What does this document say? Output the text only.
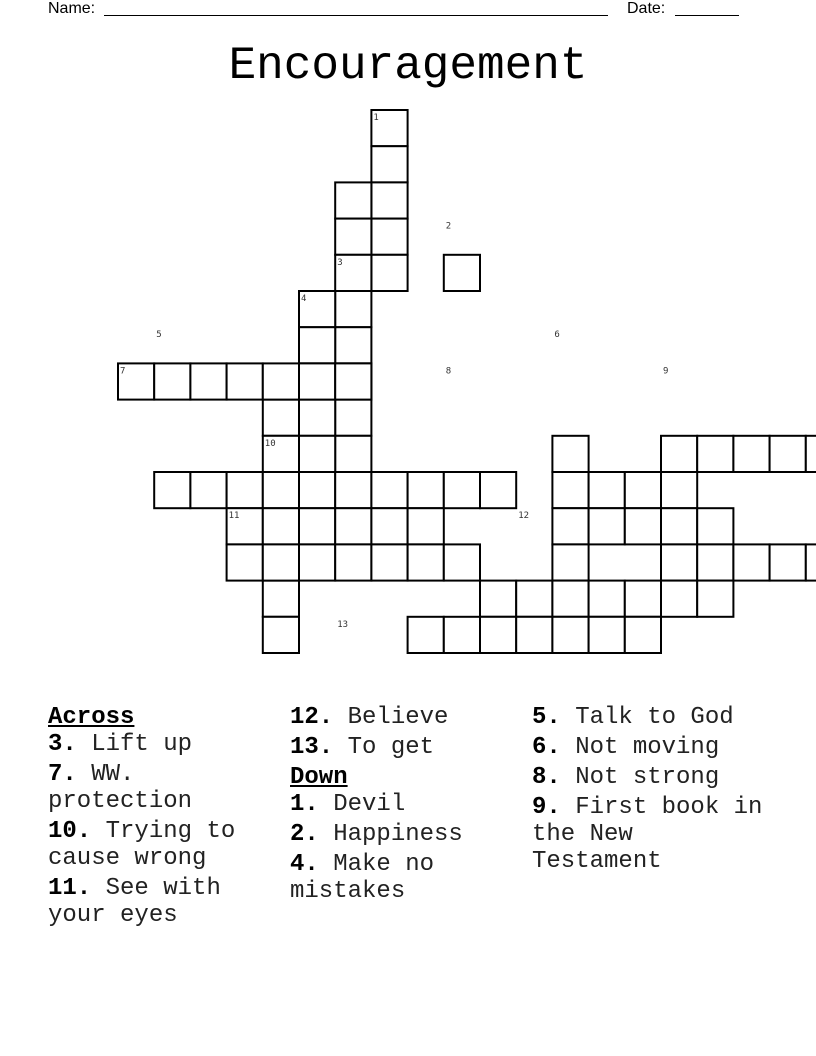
Name:	Date:
Encouragement
1
2
3
4
5	6
7	8	9
10
11	12
13
Across
3. Lift up
7. WW. protection
10. Trying to cause wrong
11. See with your eyes
12. Believe
13. To get
Down
1. Devil
2. Happiness
4. Make no mistakes
5. Talk to God
6. Not moving
8. Not strong
9. First book in the New Testament
